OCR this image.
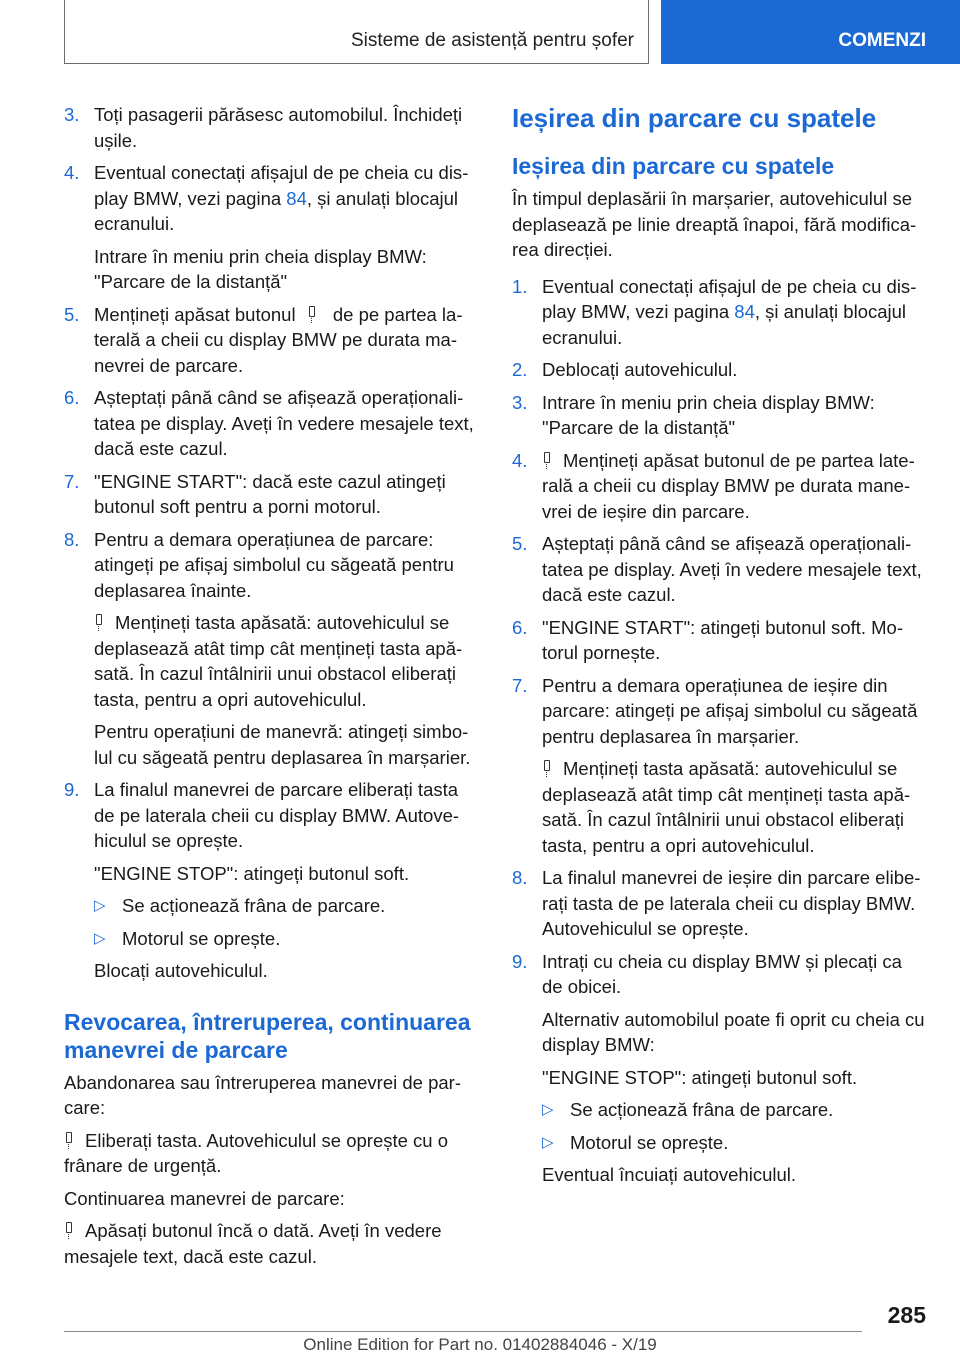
Sisteme de asistență pentru șofer	COMENZI
3. Toți pasagerii părăsesc automobilul. Închideți ușile.
4. Eventual conectați afișajul de pe cheia cu display BMW, vezi pagina 84, și anulați blocajul ecranului.
Intrare în meniu prin cheia display BMW: "Parcare de la distanță"
5. Mențineți apăsat butonul  de pe partea laterală a cheii cu display BMW pe durata manevrei de parcare.
6. Așteptați până când se afișează operaționalitatea pe display. Aveți în vedere mesajele text, dacă este cazul.
7. "ENGINE START": dacă este cazul atingeți butonul soft pentru a porni motorul.
8. Pentru a demara operațiunea de parcare: atingeți pe afișaj simbolul cu săgeată pentru deplasarea înainte.
Mențineți tasta apăsată: autovehiculul se deplasează atât timp cât mențineți tasta apăsată. În cazul întâlnirii unui obstacol eliberați tasta, pentru a opri autovehiculul.
Pentru operațiuni de manevră: atingeți simbolul cu săgeată pentru deplasarea în marșarier.
9. La finalul manevrei de parcare eliberați tasta de pe laterala cheii cu display BMW. Autovehiculul se oprește.
"ENGINE STOP": atingeți butonul soft.
▷ Se acționează frâna de parcare.
▷ Motorul se oprește.
Blocați autovehiculul.
Revocarea, întreruperea, continuarea manevrei de parcare
Abandonarea sau întreruperea manevrei de parcare:
Eliberați tasta. Autovehiculul se oprește cu o frânare de urgență.
Continuarea manevrei de parcare:
Apăsați butonul încă o dată. Aveți în vedere mesajele text, dacă este cazul.
Ieșirea din parcare cu spatele
Ieșirea din parcare cu spatele
În timpul deplasării în marșarier, autovehiculul se deplasează pe linie dreaptă înapoi, fără modificarea direcției.
1. Eventual conectați afișajul de pe cheia cu display BMW, vezi pagina 84, și anulați blocajul ecranului.
2. Deblocați autovehiculul.
3. Intrare în meniu prin cheia display BMW: "Parcare de la distanță"
4. Mențineți apăsat butonul de pe partea laterală a cheii cu display BMW pe durata manevrei de ieșire din parcare.
5. Așteptați până când se afișează operaționalitatea pe display. Aveți în vedere mesajele text, dacă este cazul.
6. "ENGINE START": atingeți butonul soft. Motorul pornește.
7. Pentru a demara operațiunea de ieșire din parcare: atingeți pe afișaj simbolul cu săgeată pentru deplasarea în marșarier.
Mențineți tasta apăsată: autovehiculul se deplasează atât timp cât mențineți tasta apăsată. În cazul întâlnirii unui obstacol eliberați tasta, pentru a opri autovehiculul.
8. La finalul manevrei de ieșire din parcare eliberați tasta de pe laterala cheii cu display BMW. Autovehiculul se oprește.
9. Intrați cu cheia cu display BMW și plecați ca de obicei.
Alternativ automobilul poate fi oprit cu cheia cu display BMW:
"ENGINE STOP": atingeți butonul soft.
▷ Se acționează frâna de parcare.
▷ Motorul se oprește.
Eventual încuiați autovehiculul.
285
Online Edition for Part no. 01402884046 - X/19
